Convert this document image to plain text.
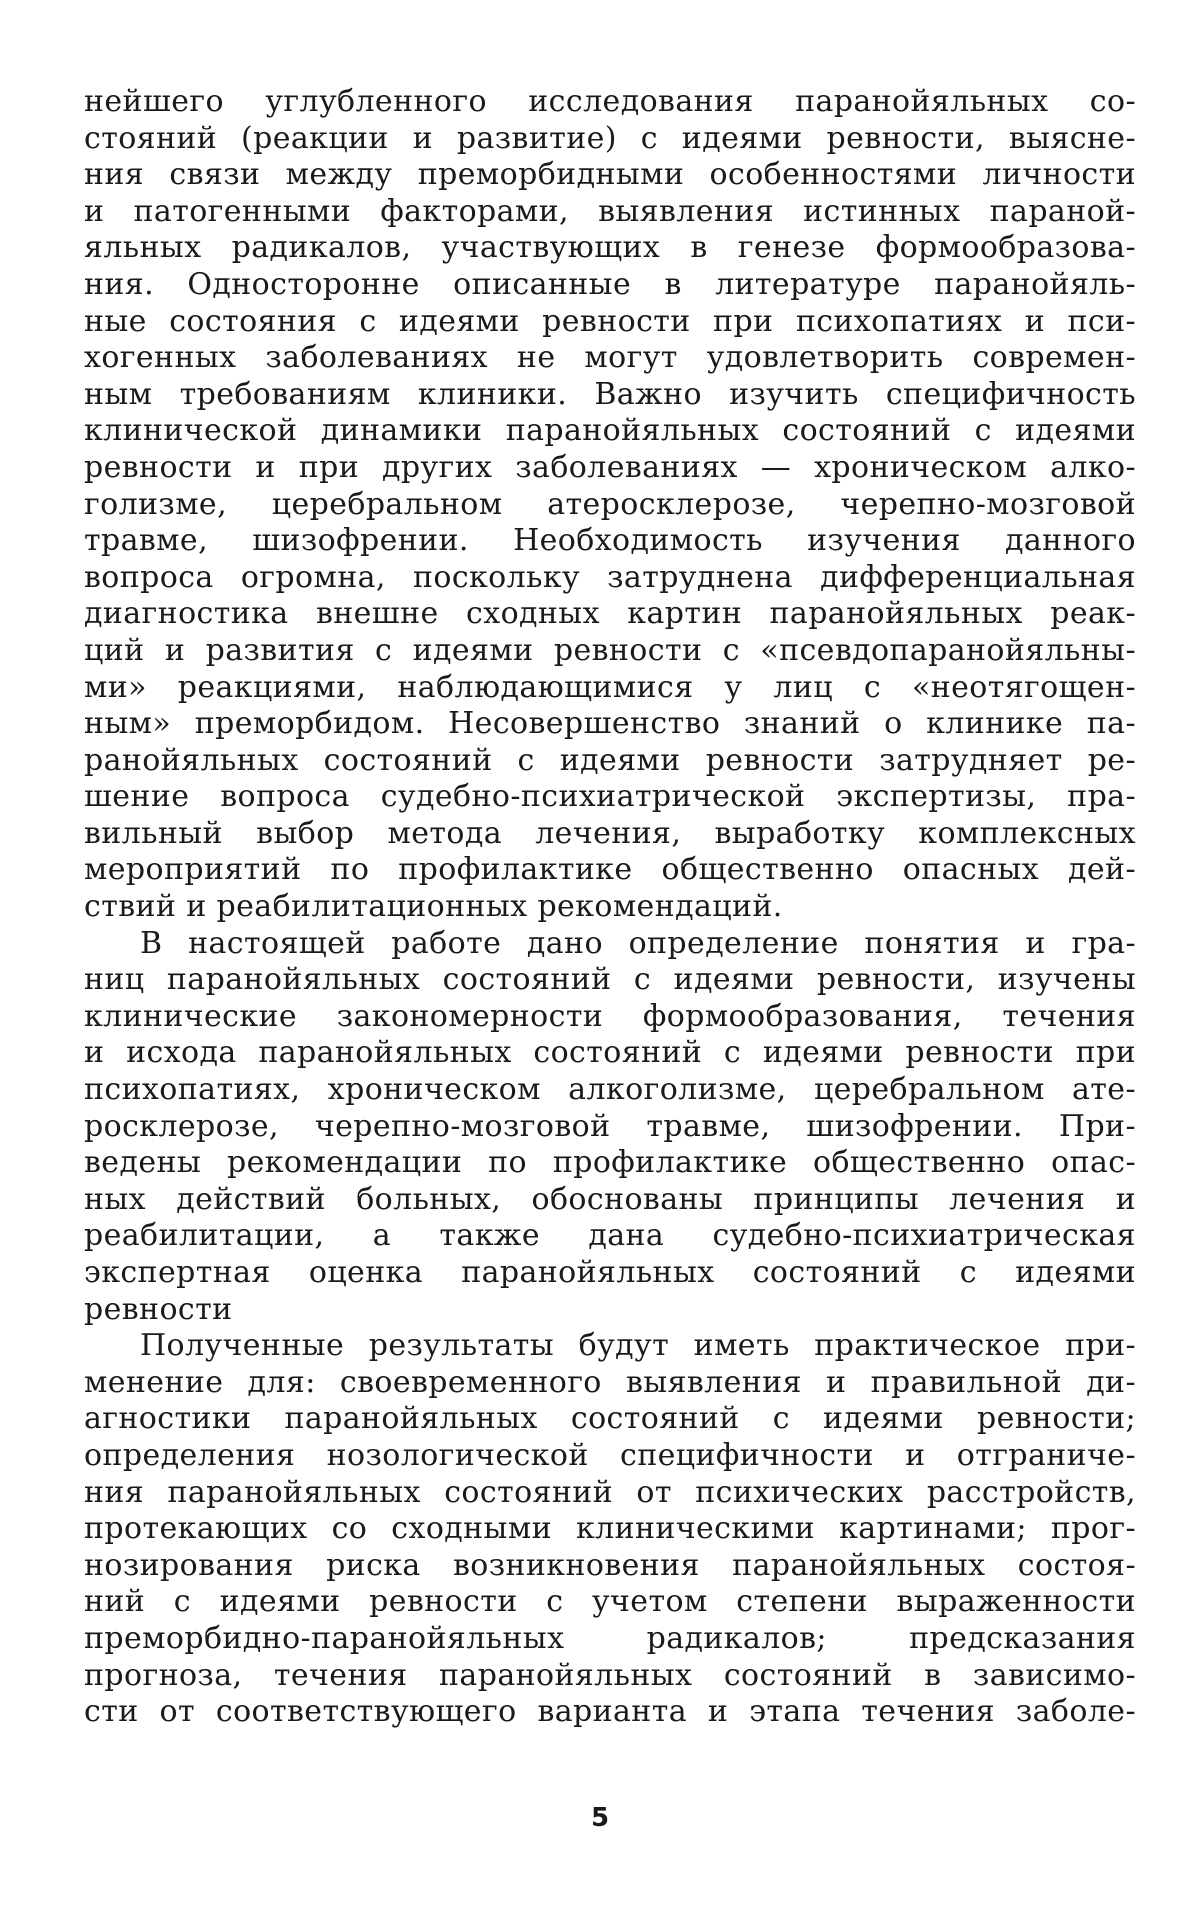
нейшего углубленного исследования паранойяльных со-
стояний (реакции и развитие) с идеями ревности, выясне-
ния связи между преморбидными особенностями личности
и патогенными факторами, выявления истинных параной-
яльных радикалов, участвующих в генезе формообразова-
ния. Односторонне описанные в литературе паранойяль-
ные состояния с идеями ревности при психопатиях и пси-
хогенных заболеваниях не могут удовлетворить современ-
ным требованиям клиники. Важно изучить специфичность
клинической динамики паранойяльных состояний с идеями
ревности и при других заболеваниях — хроническом алко-
голизме, церебральном атеросклерозе, черепно-мозговой
травме, шизофрении. Необходимость изучения данного
вопроса огромна, поскольку затруднена дифференциальная
диагностика внешне сходных картин паранойяльных реак-
ций и развития с идеями ревности с «псевдопаранойяльны-
ми» реакциями, наблюдающимися у лиц с «неотягощен-
ным» преморбидом. Несовершенство знаний о клинике па-
ранойяльных состояний с идеями ревности затрудняет ре-
шение вопроса судебно-психиатрической экспертизы, пра-
вильный выбор метода лечения, выработку комплексных
мероприятий по профилактике общественно опасных дей-
ствий и реабилитационных рекомендаций.
В настоящей работе дано определение понятия и гра-
ниц паранойяльных состояний с идеями ревности, изучены
клинические закономерности формообразования, течения
и исхода паранойяльных состояний с идеями ревности при
психопатиях, хроническом алкоголизме, церебральном ате-
росклерозе, черепно-мозговой травме, шизофрении. При-
ведены рекомендации по профилактике общественно опас-
ных действий больных, обоснованы принципы лечения и
реабилитации, а также дана судебно-психиатрическая
экспертная оценка паранойяльных состояний с идеями
ревности
Полученные результаты будут иметь практическое при-
менение для: своевременного выявления и правильной ди-
агностики паранойяльных состояний с идеями ревности;
определения нозологической специфичности и отграниче-
ния паранойяльных состояний от психических расстройств,
протекающих со сходными клиническими картинами; прог-
нозирования риска возникновения паранойяльных состоя-
ний с идеями ревности с учетом степени выраженности
преморбидно-паранойяльных радикалов; предсказания
прогноза, течения паранойяльных состояний в зависимо-
сти от соответствующего варианта и этапа течения заболе-
5
